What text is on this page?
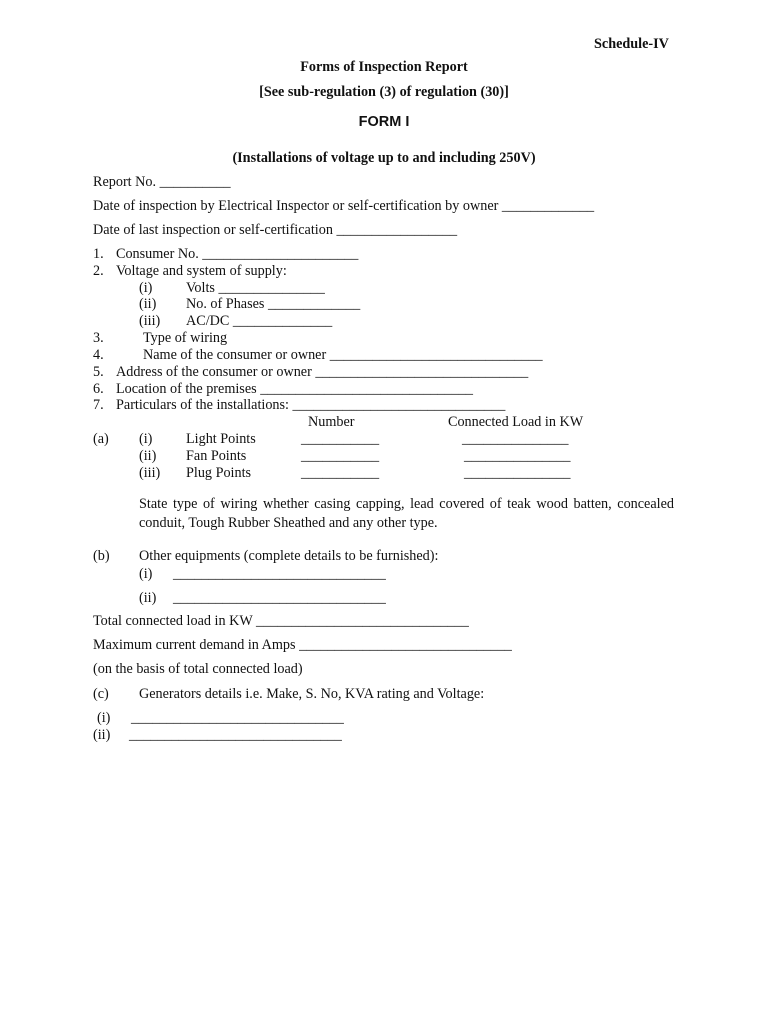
Schedule-IV
Forms of Inspection Report
[See sub-regulation (3) of regulation (30)]
FORM I
(Installations of voltage up to and including 250V)
Report No. __________
Date of inspection by Electrical Inspector or self-certification by owner _____________
Date of last inspection or self-certification _________________
1. Consumer No. ______________________
2. Voltage and system of supply:
(i) Volts _______________
(ii) No. of Phases _____________
(iii) AC/DC ______________
3.	Type of wiring
4.	Name of the consumer or owner ______________________________
5. Address of the consumer or owner ______________________________
6. Location of the premises ______________________________
7. Particulars of the installations: ______________________________
Number	Connected Load in KW
(a) (i) Light Points	___________	_______________
(ii) Fan Points	___________	_______________
(iii) Plug Points	___________	_______________
State type of wiring whether casing capping, lead covered of teak wood batten, concealed conduit, Tough Rubber Sheathed and any other type.
(b) Other equipments (complete details to be furnished):
(i) ______________________________
(ii) ______________________________
Total connected load in KW ______________________________
Maximum current demand in Amps ______________________________
(on the basis of total connected load)
(c) Generators details i.e. Make, S. No, KVA rating and Voltage:
(i) ______________________________
(ii) ______________________________
